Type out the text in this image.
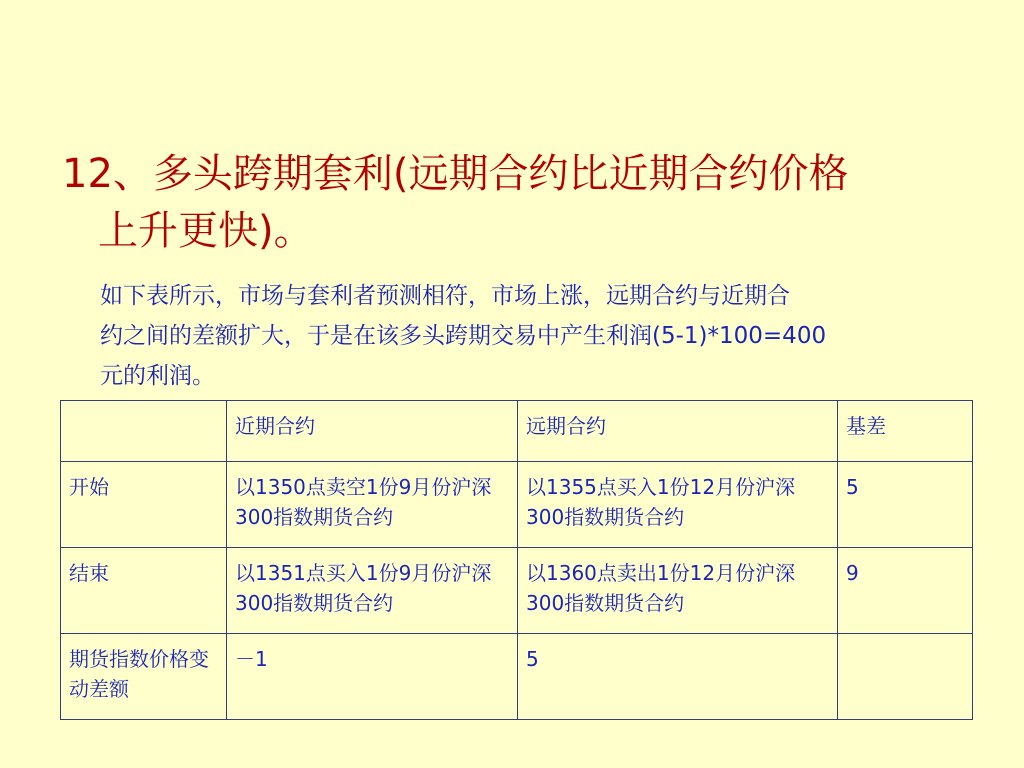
12、多头跨期套利(远期合约比近期合约价格
上升更快)。
如下表所示，市场与套利者预测相符，市场上涨，远期合约与近期合
约之间的差额扩大，于是在该多头跨期交易中产生利润(5-1)*100=400
元的利润。
	近期合约	远期合约	基差
开始	以1350点卖空1份9月份沪深300指数期货合约	以1355点买入1份12月份沪深300指数期货合约	5
结束	以1351点买入1份9月份沪深300指数期货合约	以1360点卖出1份12月份沪深300指数期货合约	9
期货指数价格变动差额	－1	5	
